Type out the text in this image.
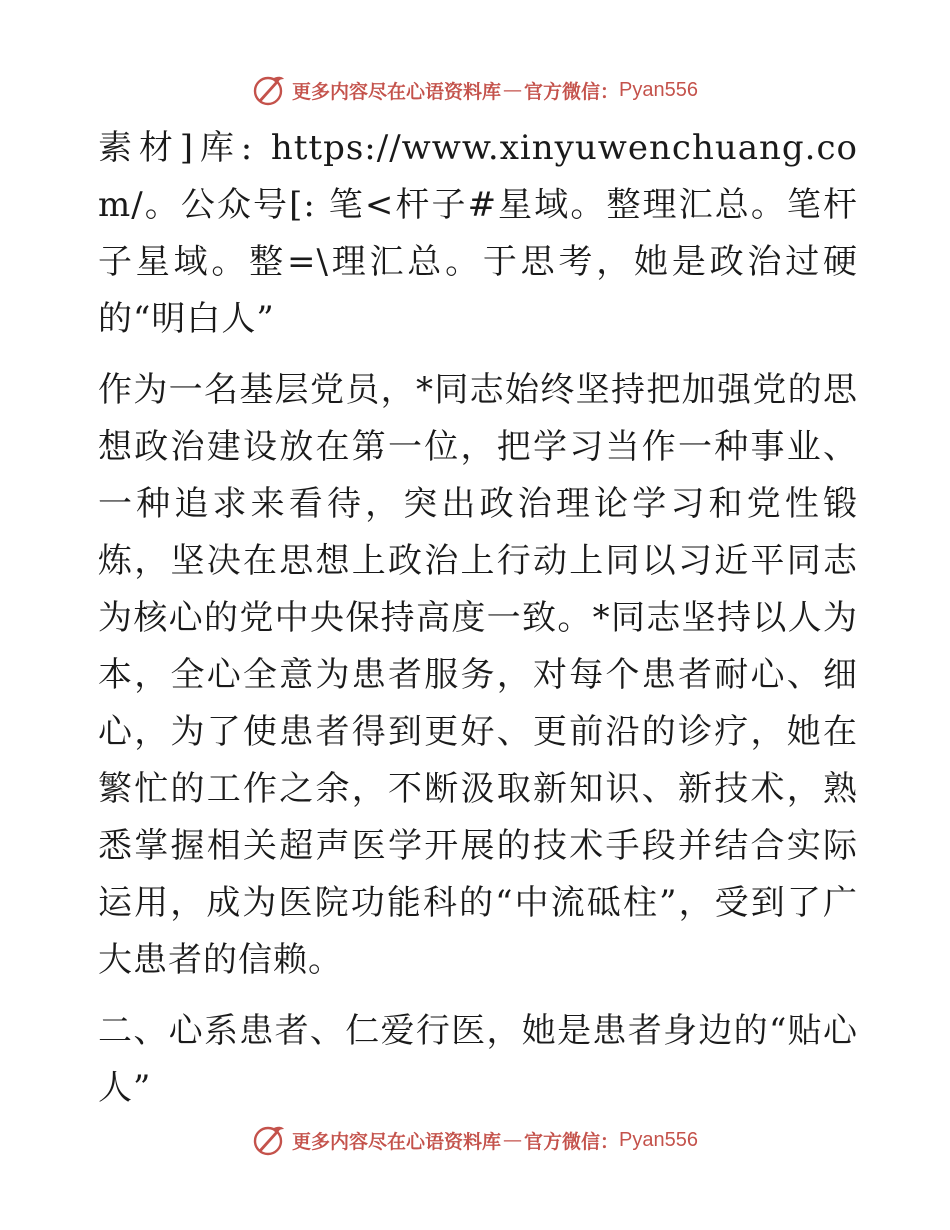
更多内容尽在心语资料库 — 官方微信： Pyan556

素材]库: https://www.xinyuwenchuang.com/。公众号[: 笔<杆子#星域。整理汇总。笔杆子星域。整=\理汇总。于思考，她是政治过硬的“明白人”

作为一名基层党员，*同志始终坚持把加强党的思想政治建设放在第一位，把学习当作一种事业、一种追求来看待，突出政治理论学习和党性锻炼，坚决在思想上政治上行动上同以习近平同志为核心的党中央保持高度一致。*同志坚持以人为本，全心全意为患者服务，对每个患者耐心、细心，为了使患者得到更好、更前沿的诊疗，她在繁忙的工作之余，不断汲取新知识、新技术，熟悉掌握相关超声医学开展的技术手段并结合实际运用，成为医院功能科的“中流砥柱”，受到了广大患者的信赖。

二、心系患者、仁爱行医，她是患者身边的“贴心人”

更多内容尽在心语资料库 — 官方微信： Pyan556
